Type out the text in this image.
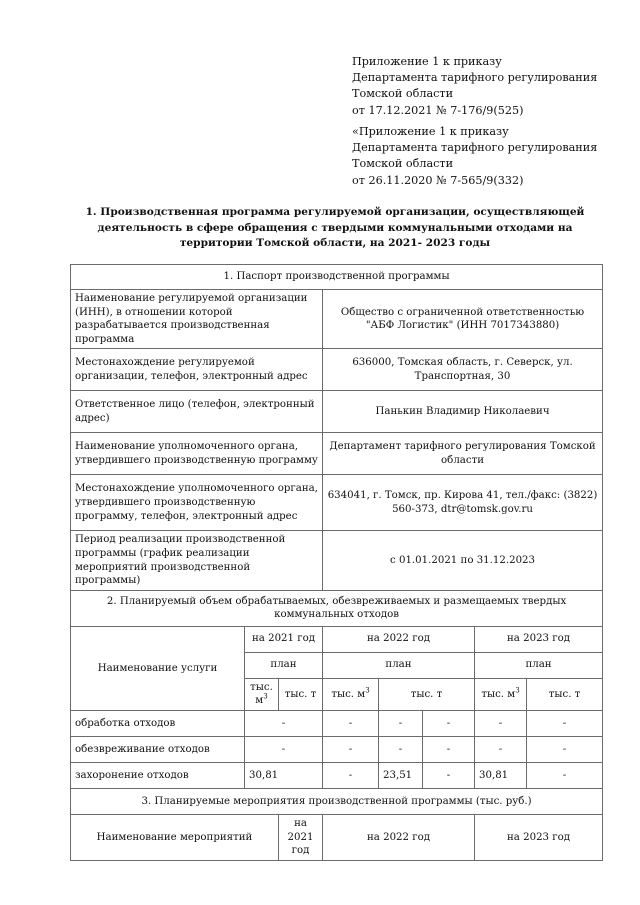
Приложение 1 к приказу
Департамента тарифного регулирования
Томской области
от 17.12.2021 № 7-176/9(525)
«Приложение 1 к приказу
Департамента тарифного регулирования
Томской области
от 26.11.2020 № 7-565/9(332)
1. Производственная программа регулируемой организации, осуществляющей деятельность в сфере обращения с твердыми коммунальными отходами на территории Томской области, на 2021- 2023 годы
1. Паспорт производственной программы							
Наименование регулируемой организации (ИНН), в отношении которой разрабатывается производственная программа			Общество с ограниченной ответственностью "АБФ Логистик" (ИНН 7017343880)				
Местонахождение регулируемой организации, телефон, электронный адрес			636000, Томская область, г. Северск, ул. Транспортная, 30				
Ответственное лицо (телефон, электронный адрес)			Панькин Владимир Николаевич				
Наименование уполномоченного органа, утвердившего производственную программу			Департамент тарифного регулирования Томской области				
Местонахождение уполномоченного органа, утвердившего производственную программу, телефон, электронный адрес			634041, г. Томск, пр. Кирова 41, тел./факс: (3822) 560-373, dtr@tomsk.gov.ru				
Период реализации производственной программы (график реализации мероприятий производственной программы)			с 01.01.2021 по 31.12.2023				
2. Планируемый объем обрабатываемых, обезвреживаемых и размещаемых твердых коммунальных отходов							
Наименование услуги	на 2021 год		на 2022 год			на 2023 год	
	план		план			план	
	тыс. $м^3$	тыс. т	тыс. $м^3$	тыс. т		тыс. $м^3$	тыс. т
обработка отходов	-		-	-	-	-	-
обезвреживание отходов	-		-	-	-	-	-
захоронение отходов	30,81		-	23,51	-	30,81	-
3. Планируемые мероприятия производственной программы (тыс. руб.)							
Наименование мероприятий		на 2021 год	на 2022 год			на 2023 год	
